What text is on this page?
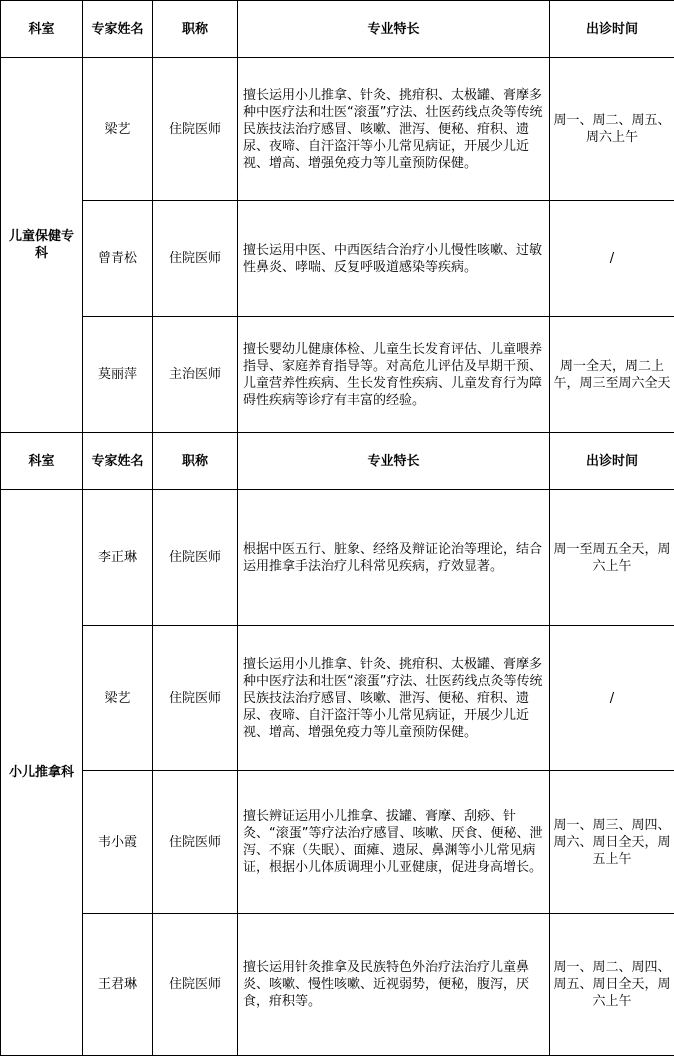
科室	专家姓名	职称	专业特长	出诊时间
儿童保健专科	梁艺	住院医师	擅长运用小儿推拿、针灸、挑疳积、太极罐、膏摩多种中医疗法和壮医“滚蛋”疗法、壮医药线点灸等传统民族技法治疗感冒、咳嗽、泄泻、便秘、疳积、遗尿、夜啼、自汗盗汗等小儿常见病证，开展少儿近视、增高、增强免疫力等儿童预防保健。	周一、周二、周五、周六上午
	曾青松	住院医师	擅长运用中医、中西医结合治疗小儿慢性咳嗽、过敏性鼻炎、哮喘、反复呼吸道感染等疾病。	/
	莫丽萍	主治医师	擅长婴幼儿健康体检、儿童生长发育评估、儿童喂养指导、家庭养育指导等。对高危儿评估及早期干预、儿童营养性疾病、生长发育性疾病、儿童发育行为障碍性疾病等诊疗有丰富的经验。	周一全天，周二上午，周三至周六全天
科室	专家姓名	职称	专业特长	出诊时间
小儿推拿科	李正琳	住院医师	根据中医五行、脏象、经络及辩证论治等理论，结合运用推拿手法治疗儿科常见疾病，疗效显著。	周一至周五全天，周六上午
	梁艺	住院医师	擅长运用小儿推拿、针灸、挑疳积、太极罐、膏摩多种中医疗法和壮医“滚蛋”疗法、壮医药线点灸等传统民族技法治疗感冒、咳嗽、泄泻、便秘、疳积、遗尿、夜啼、自汗盗汗等小儿常见病证，开展少儿近视、增高、增强免疫力等儿童预防保健。	/
	韦小霞	住院医师	擅长辨证运用小儿推拿、拔罐、膏摩、刮痧、针灸、“滚蛋”等疗法治疗感冒、咳嗽、厌食、便秘、泄泻、不寐（失眠）、面瘫、遗尿、鼻渊等小儿常见病证，根据小儿体质调理小儿亚健康，促进身高增长。	周一、周三、周四、周六、周日全天，周五上午
	王君琳	住院医师	擅长运用针灸推拿及民族特色外治疗法治疗儿童鼻炎、咳嗽、慢性咳嗽、近视弱势，便秘，腹泻，厌食，疳积等。	周一、周二、周四、周五、周日全天，周六上午
